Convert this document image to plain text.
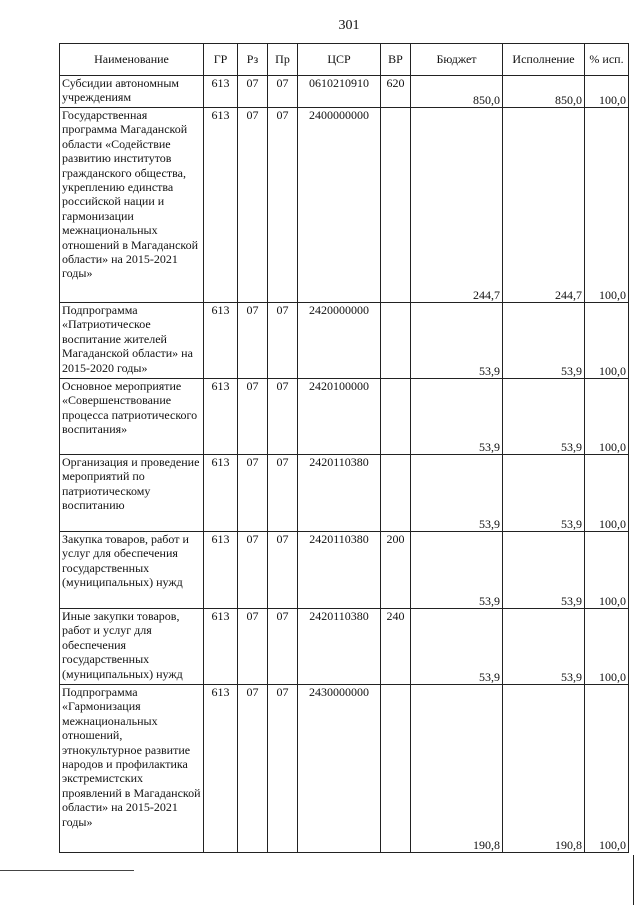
301
Наименование	ГР	Рз	Пр	ЦСР	ВР	Бюджет	Исполнение	% исп.
Субсидии автономным учреждениям	613	07	07	0610210910	620	850,0	850,0	100,0
Государственная программа Магаданской области «Содействие развитию институтов гражданского общества, укреплению единства российской нации и гармонизации межнациональных отношений в Магаданской области» на 2015-2021 годы»	613	07	07	2400000000		244,7	244,7	100,0
Подпрограмма «Патриотическое воспитание жителей Магаданской области» на 2015-2020 годы»	613	07	07	2420000000		53,9	53,9	100,0
Основное мероприятие «Совершенствование процесса патриотического воспитания»	613	07	07	2420100000		53,9	53,9	100,0
Организация и проведение мероприятий по патриотическому воспитанию	613	07	07	2420110380		53,9	53,9	100,0
Закупка товаров, работ и услуг для обеспечения государственных (муниципальных) нужд	613	07	07	2420110380	200	53,9	53,9	100,0
Иные закупки товаров, работ и услуг для обеспечения государственных (муниципальных) нужд	613	07	07	2420110380	240	53,9	53,9	100,0
Подпрограмма «Гармонизация межнациональных отношений, этнокультурное развитие народов и профилактика экстремистских проявлений в Магаданской области» на 2015-2021 годы»	613	07	07	2430000000		190,8	190,8	100,0
